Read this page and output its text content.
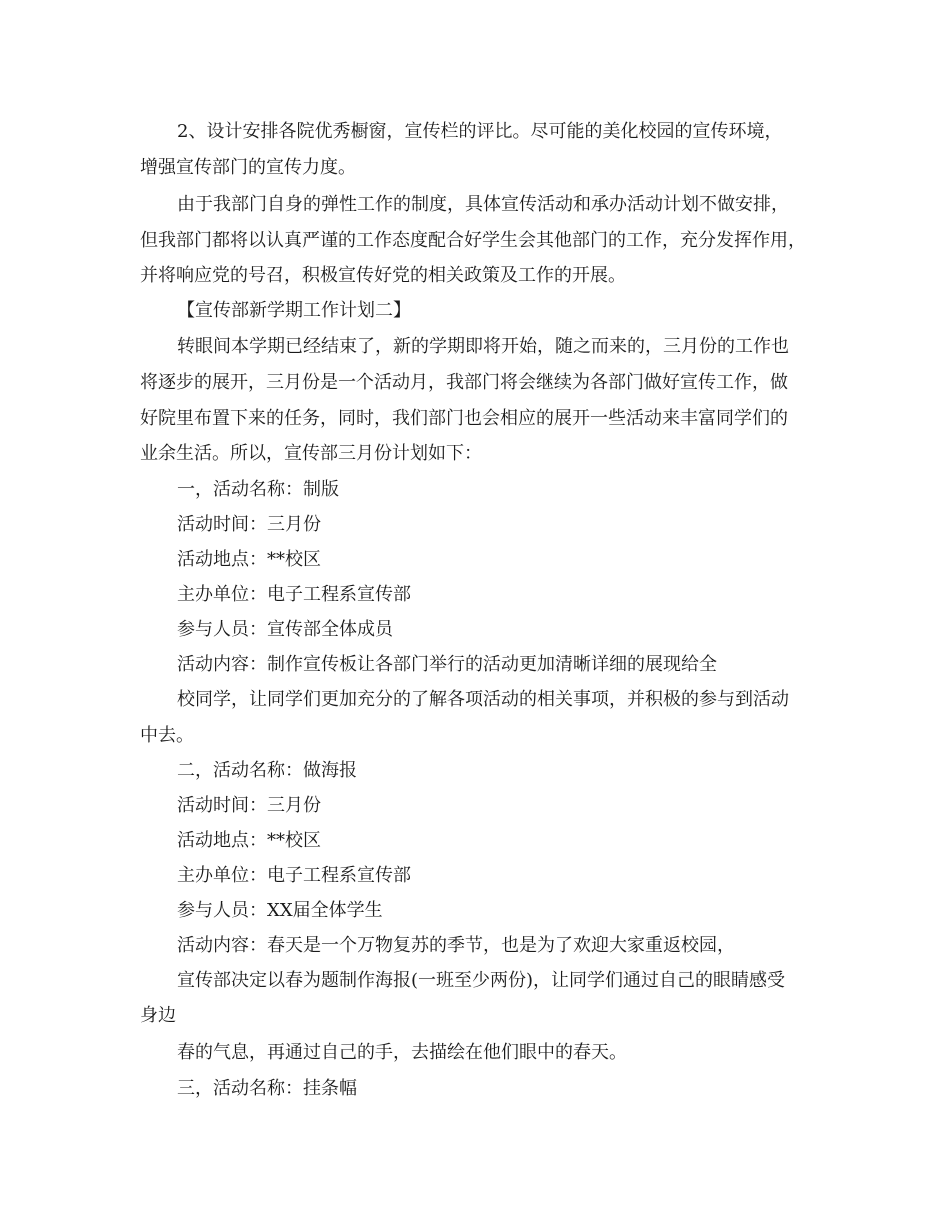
2、设计安排各院优秀橱窗，宣传栏的评比。尽可能的美化校园的宣传环境，
增强宣传部门的宣传力度。
由于我部门自身的弹性工作的制度，具体宣传活动和承办活动计划不做安排，
但我部门都将以认真严谨的工作态度配合好学生会其他部门的工作，充分发挥作用，
并将响应党的号召，积极宣传好党的相关政策及工作的开展。
【宣传部新学期工作计划二】
转眼间本学期已经结束了，新的学期即将开始，随之而来的，三月份的工作也
将逐步的展开，三月份是一个活动月，我部门将会继续为各部门做好宣传工作，做
好院里布置下来的任务，同时，我们部门也会相应的展开一些活动来丰富同学们的
业余生活。所以，宣传部三月份计划如下：
一，活动名称：制版
活动时间：三月份
活动地点：**校区
主办单位：电子工程系宣传部
参与人员：宣传部全体成员
活动内容：制作宣传板让各部门举行的活动更加清晰详细的展现给全
校同学，让同学们更加充分的了解各项活动的相关事项，并积极的参与到活动
中去。
二，活动名称：做海报
活动时间：三月份
活动地点：**校区
主办单位：电子工程系宣传部
参与人员：XX届全体学生
活动内容：春天是一个万物复苏的季节，也是为了欢迎大家重返校园，
宣传部决定以春为题制作海报(一班至少两份)，让同学们通过自己的眼睛感受
身边
春的气息，再通过自己的手，去描绘在他们眼中的春天。
三，活动名称：挂条幅
